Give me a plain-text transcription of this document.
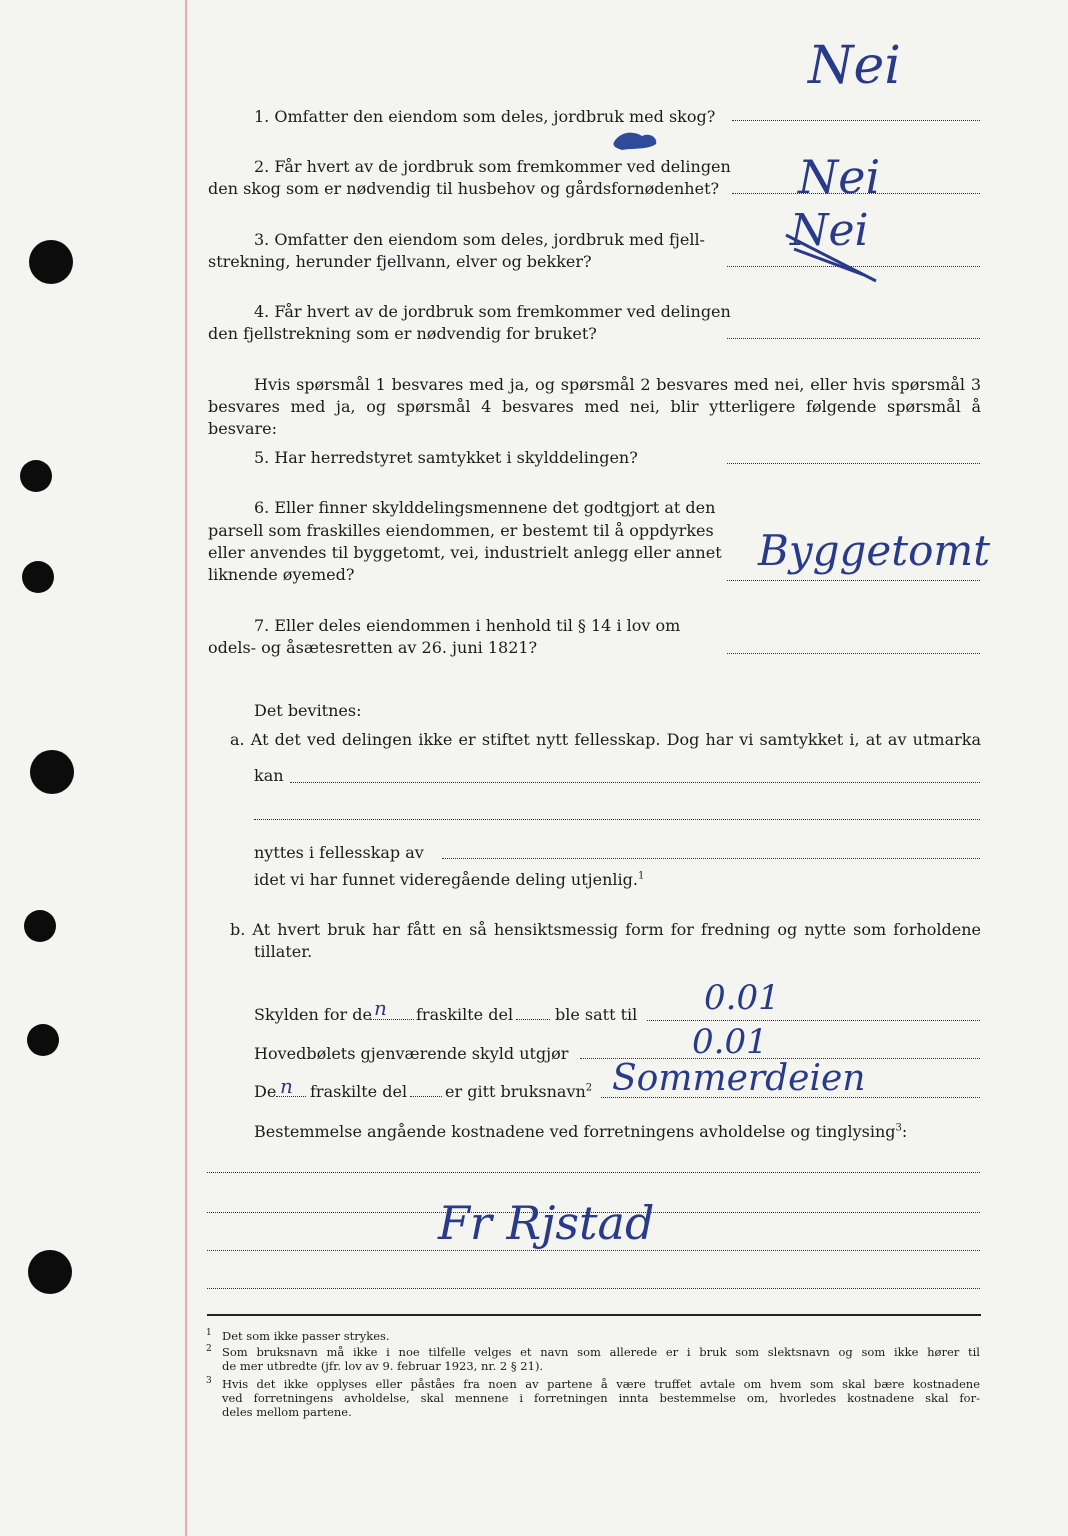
1. Omfatter den eiendom som deles, jordbruk med skog?
Nei
2. Får hvert av de jordbruk som fremkommer ved delingen
den skog som er nødvendig til husbehov og gårdsfornødenhet? Nei
3. Omfatter den eiendom som deles, jordbruk med fjell-
strekning, herunder fjellvann, elver og bekker?
Nei
4. Får hvert av de jordbruk som fremkommer ved delingen
den fjellstrekning som er nødvendig for bruket?
Hvis spørsmål 1 besvares med ja, og spørsmål 2 besvares med nei, eller hvis spørsmål 3
besvares med ja, og spørsmål 4 besvares med nei, blir ytterligere følgende spørsmål å besvare:
5. Har herredstyret samtykket i skylddelingen?
6. Eller finner skylddelingsmennene det godtgjort at den
parsell som fraskilles eiendommen, er bestemt til å oppdyrkes
eller anvendes til byggetomt, vei, industrielt anlegg eller annet
liknende øyemed?	Byggetomt
7. Eller deles eiendommen i henhold til § 14 i lov om
odels- og åsætesretten av 26. juni 1821?
Det bevitnes:
a. At det ved delingen ikke er stiftet nytt fellesskap. Dog har vi samtykket i, at av utmarka
kan
nyttes i fellesskap av
idet vi har funnet videregående deling utjenlig.$^1$
b. At hvert bruk har fått en så hensiktsmessig form for fredning og nytte som forholdene
tillater.
Skylden for de n fraskilte del	ble satt til 0.01
Hovedbølets gjenværende skyld utgjør	0.01
De n fraskilte del er gitt bruksnavn$^2$ Sommerdeien
Bestemmelse angående kostnadene ved forretningens avholdelse og tinglysing$^3$:
Fr Rjstad
1 Det som ikke passer strykes.
2 Som bruksnavn må ikke i noe tilfelle velges et navn som allerede er i bruk som slektsnavn og som ikke hører til
de mer utbredte (jfr. lov av 9. februar 1923, nr. 2 § 21).
3 Hvis det ikke opplyses eller påståes fra noen av partene å være truffet avtale om hvem som skal bære kostnadene
ved forretningens avholdelse, skal mennene i forretningen innta bestemmelse om, hvorledes kostnadene skal for-
deles mellom partene.
